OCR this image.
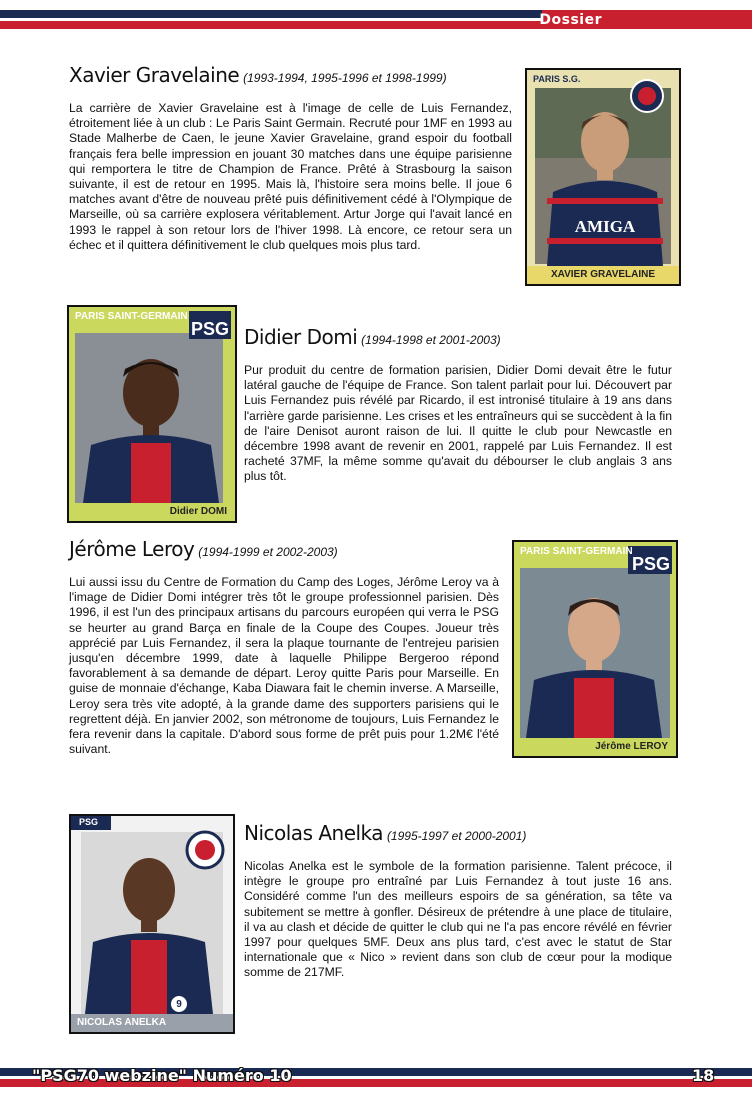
Dossier
Xavier Gravelaine (1993-1994, 1995-1996 et 1998-1999)
La carrière de Xavier Gravelaine est à l'image de celle de Luis Fernandez, étroitement liée à un club : Le Paris Saint Germain. Recruté pour 1MF en 1993 au Stade Malherbe de Caen, le jeune Xavier Gravelaine, grand espoir du football français fera belle impression en jouant 30 matches dans une équipe parisienne qui remportera le titre de Champion de France. Prêté à Strasbourg la saison suivante, il est de retour en 1995. Mais là, l'histoire sera moins belle. Il joue 6 matches avant d'être de nouveau prêté puis définitivement cédé à l'Olympique de Marseille, où sa carrière explosera véritablement. Artur Jorge qui l'avait lancé en 1993 le rappel à son retour lors de l'hiver 1998. Là encore, ce retour sera un échec et il quittera définitivement le club quelques mois plus tard.
AMIGA
PARIS S.G.
XAVIER GRAVELAINE
PARIS SAINT-GERMAIN
PSG
Didier DOMI
Didier Domi (1994-1998 et 2001-2003)
Pur produit du centre de formation parisien, Didier Domi devait être le futur latéral gauche de l'équipe de France. Son talent parlait pour lui. Découvert par Luis Fernandez puis révélé par Ricardo, il est intronisé titulaire à 19 ans dans l'arrière garde parisienne. Les crises et les entraîneurs qui se succèdent à la fin de l'aire Denisot auront raison de lui. Il quitte le club pour Newcastle en décembre 1998 avant de revenir en 2001, rappelé par Luis Fernandez. Il est racheté 37MF, la même somme qu'avait du débourser le club anglais 3 ans plus tôt.
Jérôme Leroy (1994-1999 et 2002-2003)
Lui aussi issu du Centre de Formation du Camp des Loges, Jérôme Leroy va à l'image de Didier Domi intégrer très tôt le groupe professionnel parisien. Dès 1996, il est l'un des principaux artisans du parcours européen qui verra le PSG se heurter au grand Barça en finale de la Coupe des Coupes. Joueur très apprécié par Luis Fernandez, il sera la plaque tournante de l'entrejeu parisien jusqu'en décembre 1999, date à laquelle Philippe Bergeroo répond favorablement à sa demande de départ. Leroy quitte Paris pour Marseille. En guise de monnaie d'échange, Kaba Diawara fait le chemin inverse. A Marseille, Leroy sera très vite adopté, à la grande dame des supporters parisiens qui le regrettent déjà. En janvier 2002, son métronome de toujours, Luis Fernandez le fera revenir dans la capitale. D'abord sous forme de prêt puis pour 1.2M€ l'été suivant.
PARIS SAINT-GERMAIN
PSG
Jérôme LEROY
PSG
9
NICOLAS ANELKA
Nicolas Anelka (1995-1997 et 2000-2001)
Nicolas Anelka est le symbole de la formation parisienne. Talent précoce, il intègre le groupe pro entraîné par Luis Fernandez à tout juste 16 ans. Considéré comme l'un des meilleurs espoirs de sa génération, sa tête va subitement se mettre à gonfler. Désireux de prétendre à une place de titulaire, il va au clash et décide de quitter le club qui ne l'a pas encore révélé en février 1997 pour quelques 5MF. Deux ans plus tard, c'est avec le statut de Star internationale que « Nico » revient dans son club de cœur pour la modique somme de 217MF.
"PSG70 webzine" Numéro 10	18
